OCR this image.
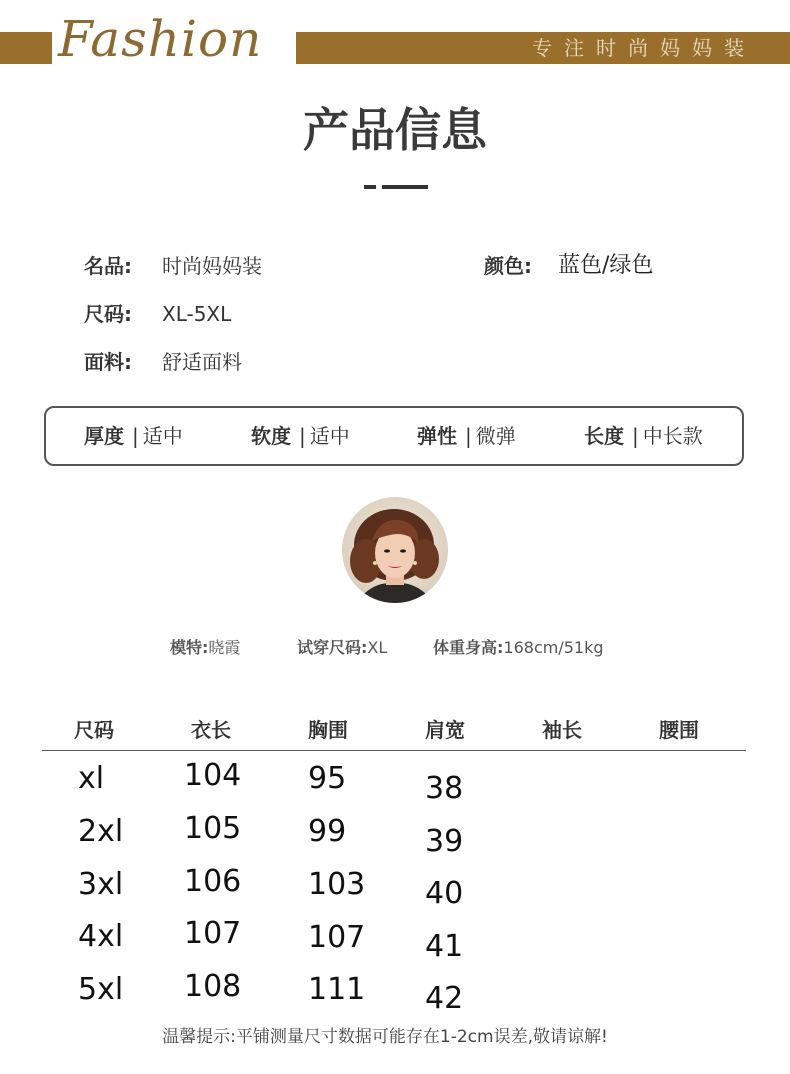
Fashion	专注时尚妈妈装
产品信息
名品: 时尚妈妈装	颜色: 蓝色/绿色
尺码: XL-5XL
面料: 舒适面料
厚度 | 适中	软度 | 适中	弹性 | 微弹	长度 | 中长款
模特:晓霞	试穿尺码:XL	体重身高:168cm/51kg
尺码	衣长	胸围	肩宽	袖长	腰围
xl	104 95	38
2xl 105 99	39
3xl 106 103 40
4xl 107 107 41
5xl 108 111 42
温馨提示:平铺测量尺寸数据可能存在1-2cm误差,敬请谅解!
